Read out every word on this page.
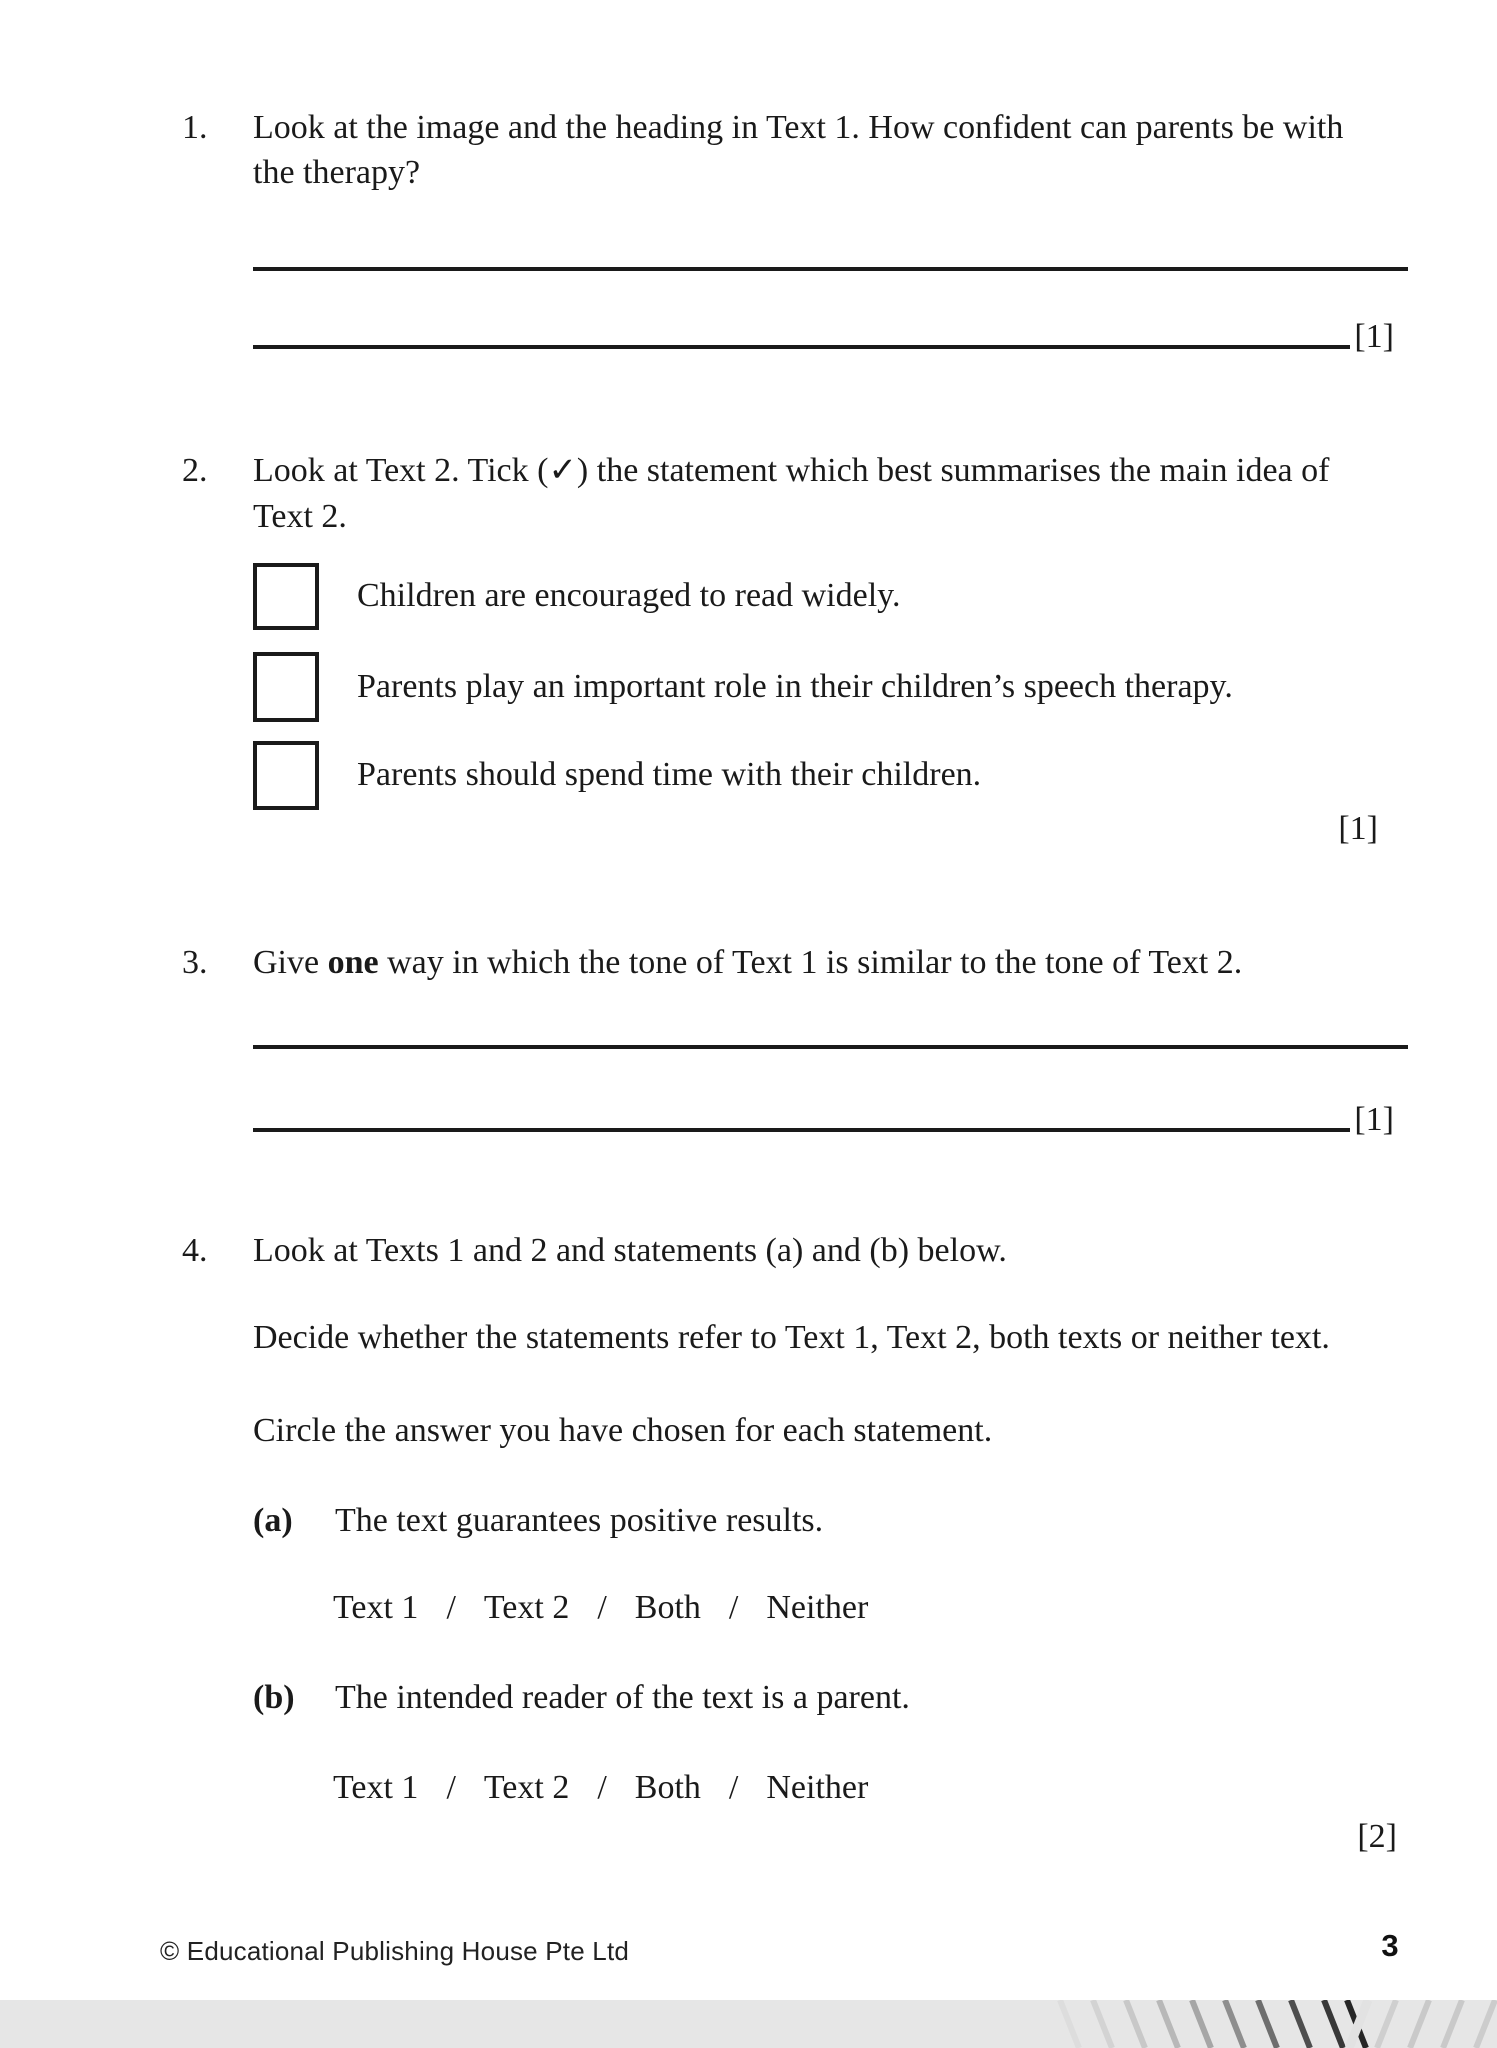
1. Look at the image and the heading in Text 1. How confident can parents be with
the therapy?
[1]
2. Look at Text 2. Tick (✓) the statement which best summarises the main idea of
Text 2.
Children are encouraged to read widely.
Parents play an important role in their children’s speech therapy.
Parents should spend time with their children.
[1]
3. Give one way in which the tone of Text 1 is similar to the tone of Text 2.
[1]
4. Look at Texts 1 and 2 and statements (a) and (b) below.
Decide whether the statements refer to Text 1, Text 2, both texts or neither text.
Circle the answer you have chosen for each statement.
(a) The text guarantees positive results.
Text 1 / Text 2 / Both / Neither
(b) The intended reader of the text is a parent.
Text 1 / Text 2 / Both / Neither
[2]
© Educational Publishing House Pte Ltd	3
